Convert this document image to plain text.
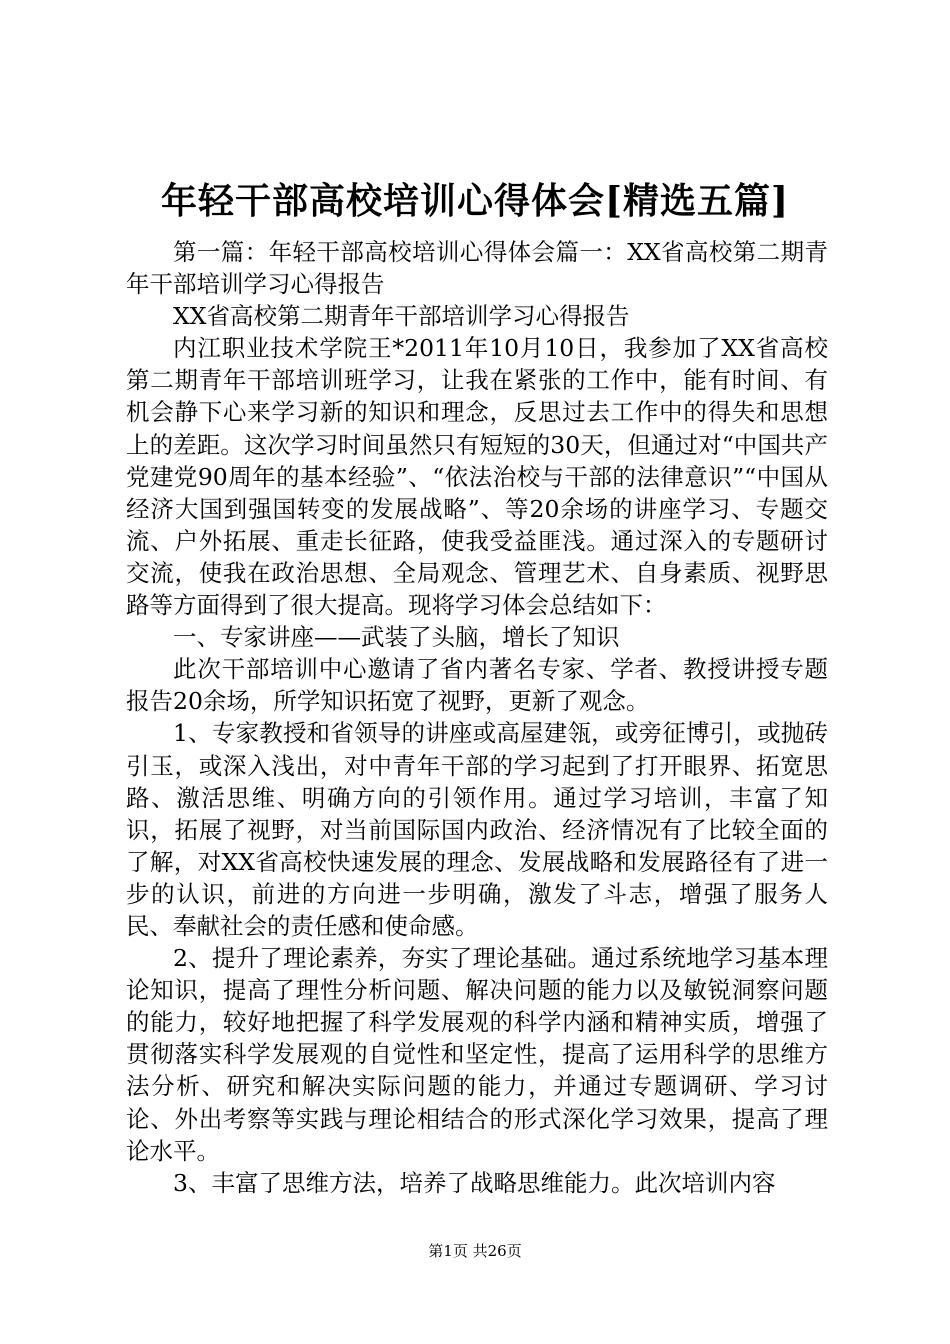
年轻干部高校培训心得体会[精选五篇]

第一篇：年轻干部高校培训心得体会篇一：XX省高校第二期青年干部培训学习心得报告

XX省高校第二期青年干部培训学习心得报告

内江职业技术学院王*2011年10月10日，我参加了XX省高校第二期青年干部培训班学习，让我在紧张的工作中，能有时间、有机会静下心来学习新的知识和理念，反思过去工作中的得失和思想上的差距。这次学习时间虽然只有短短的30天，但通过对“中国共产党建党90周年的基本经验”、“依法治校与干部的法律意识”“中国从经济大国到强国转变的发展战略”、等20余场的讲座学习、专题交流、户外拓展、重走长征路，使我受益匪浅。通过深入的专题研讨交流，使我在政治思想、全局观念、管理艺术、自身素质、视野思路等方面得到了很大提高。现将学习体会总结如下：

一、专家讲座——武装了头脑，增长了知识

此次干部培训中心邀请了省内著名专家、学者、教授讲授专题报告20余场，所学知识拓宽了视野，更新了观念。

1、专家教授和省领导的讲座或高屋建瓴，或旁征博引，或抛砖引玉，或深入浅出，对中青年干部的学习起到了打开眼界、拓宽思路、激活思维、明确方向的引领作用。通过学习培训，丰富了知识，拓展了视野，对当前国际国内政治、经济情况有了比较全面的了解，对XX省高校快速发展的理念、发展战略和发展路径有了进一步的认识，前进的方向进一步明确，激发了斗志，增强了服务人民、奉献社会的责任感和使命感。

2、提升了理论素养，夯实了理论基础。通过系统地学习基本理论知识，提高了理性分析问题、解决问题的能力以及敏锐洞察问题的能力，较好地把握了科学发展观的科学内涵和精神实质，增强了贯彻落实科学发展观的自觉性和坚定性，提高了运用科学的思维方法分析、研究和解决实际问题的能力，并通过专题调研、学习讨论、外出考察等实践与理论相结合的形式深化学习效果，提高了理论水平。

3、丰富了思维方法，培养了战略思维能力。此次培训内容

第1页 共26页
